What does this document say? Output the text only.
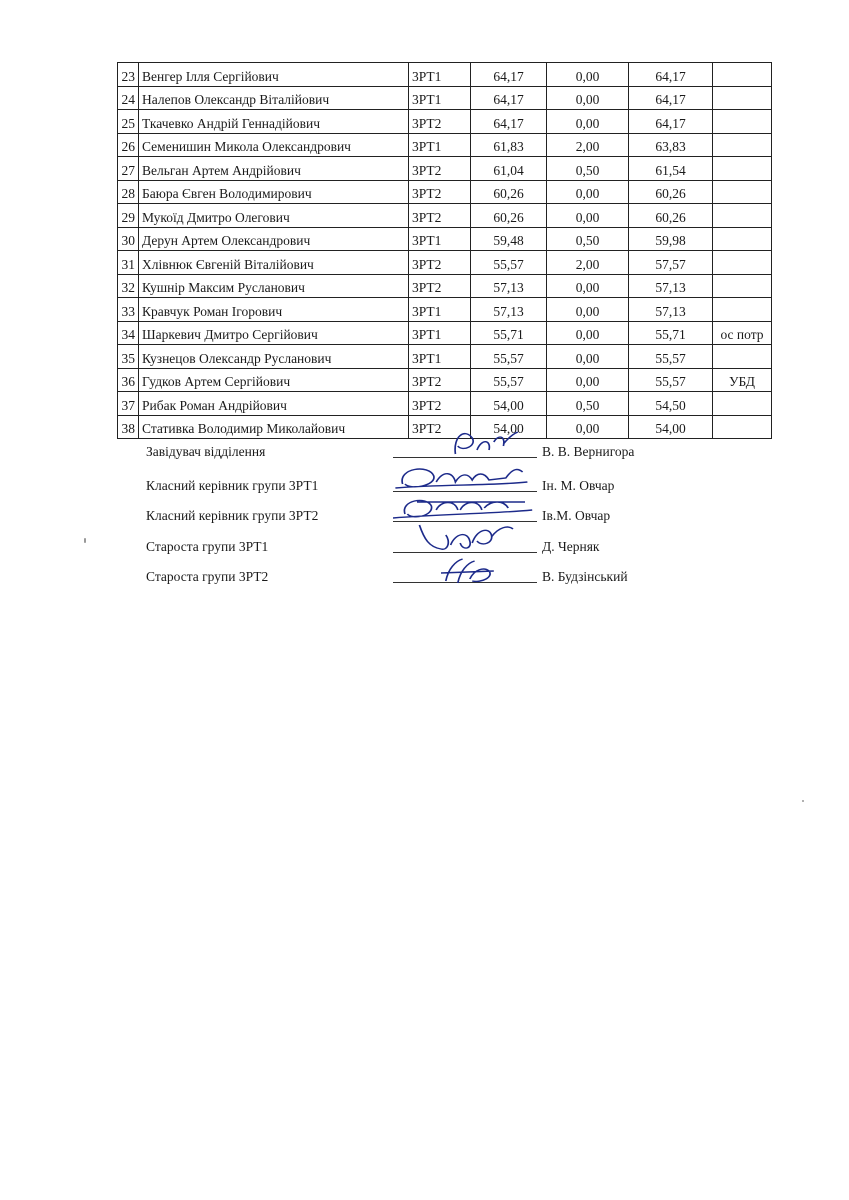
23	Венгер Ілля Сергійович	3РТ1	64,17	0,00	64,17	
24	Налепов Олександр Віталійович	3РТ1	64,17	0,00	64,17	
25	Ткачевко Андрій Геннадійович	3РТ2	64,17	0,00	64,17	
26	Семенишин Микола Олександрович	3РТ1	61,83	2,00	63,83	
27	Вельган Артем Андрійович	3РТ2	61,04	0,50	61,54	
28	Баюра Євген Володимирович	3РТ2	60,26	0,00	60,26	
29	Мукоїд Дмитро Олегович	3РТ2	60,26	0,00	60,26	
30	Дерун Артем Олександрович	3РТ1	59,48	0,50	59,98	
31	Хлівнюк Євгеній Віталійович	3РТ2	55,57	2,00	57,57	
32	Кушнір Максим Русланович	3РТ2	57,13	0,00	57,13	
33	Кравчук Роман Ігорович	3РТ1	57,13	0,00	57,13	
34	Шаркевич Дмитро Сергійович	3РТ1	55,71	0,00	55,71	ос потр
35	Кузнецов Олександр Русланович	3РТ1	55,57	0,00	55,57	
36	Гудков Артем Сергійович	3РТ2	55,57	0,00	55,57	УБД
37	Рибак Роман Андрійович	3РТ2	54,00	0,50	54,50	
38	Стативка Володимир Миколайович	3РТ2	54,00	0,00	54,00	
Завідувач відділення	В. В. Вернигора
Класний керівник групи 3РТ1	Ін. М. Овчар
Класний керівник групи 3РТ2	Ів.М. Овчар
Староста групи 3РТ1	Д. Черняк
Староста групи 3РТ2	В. Будзінський
